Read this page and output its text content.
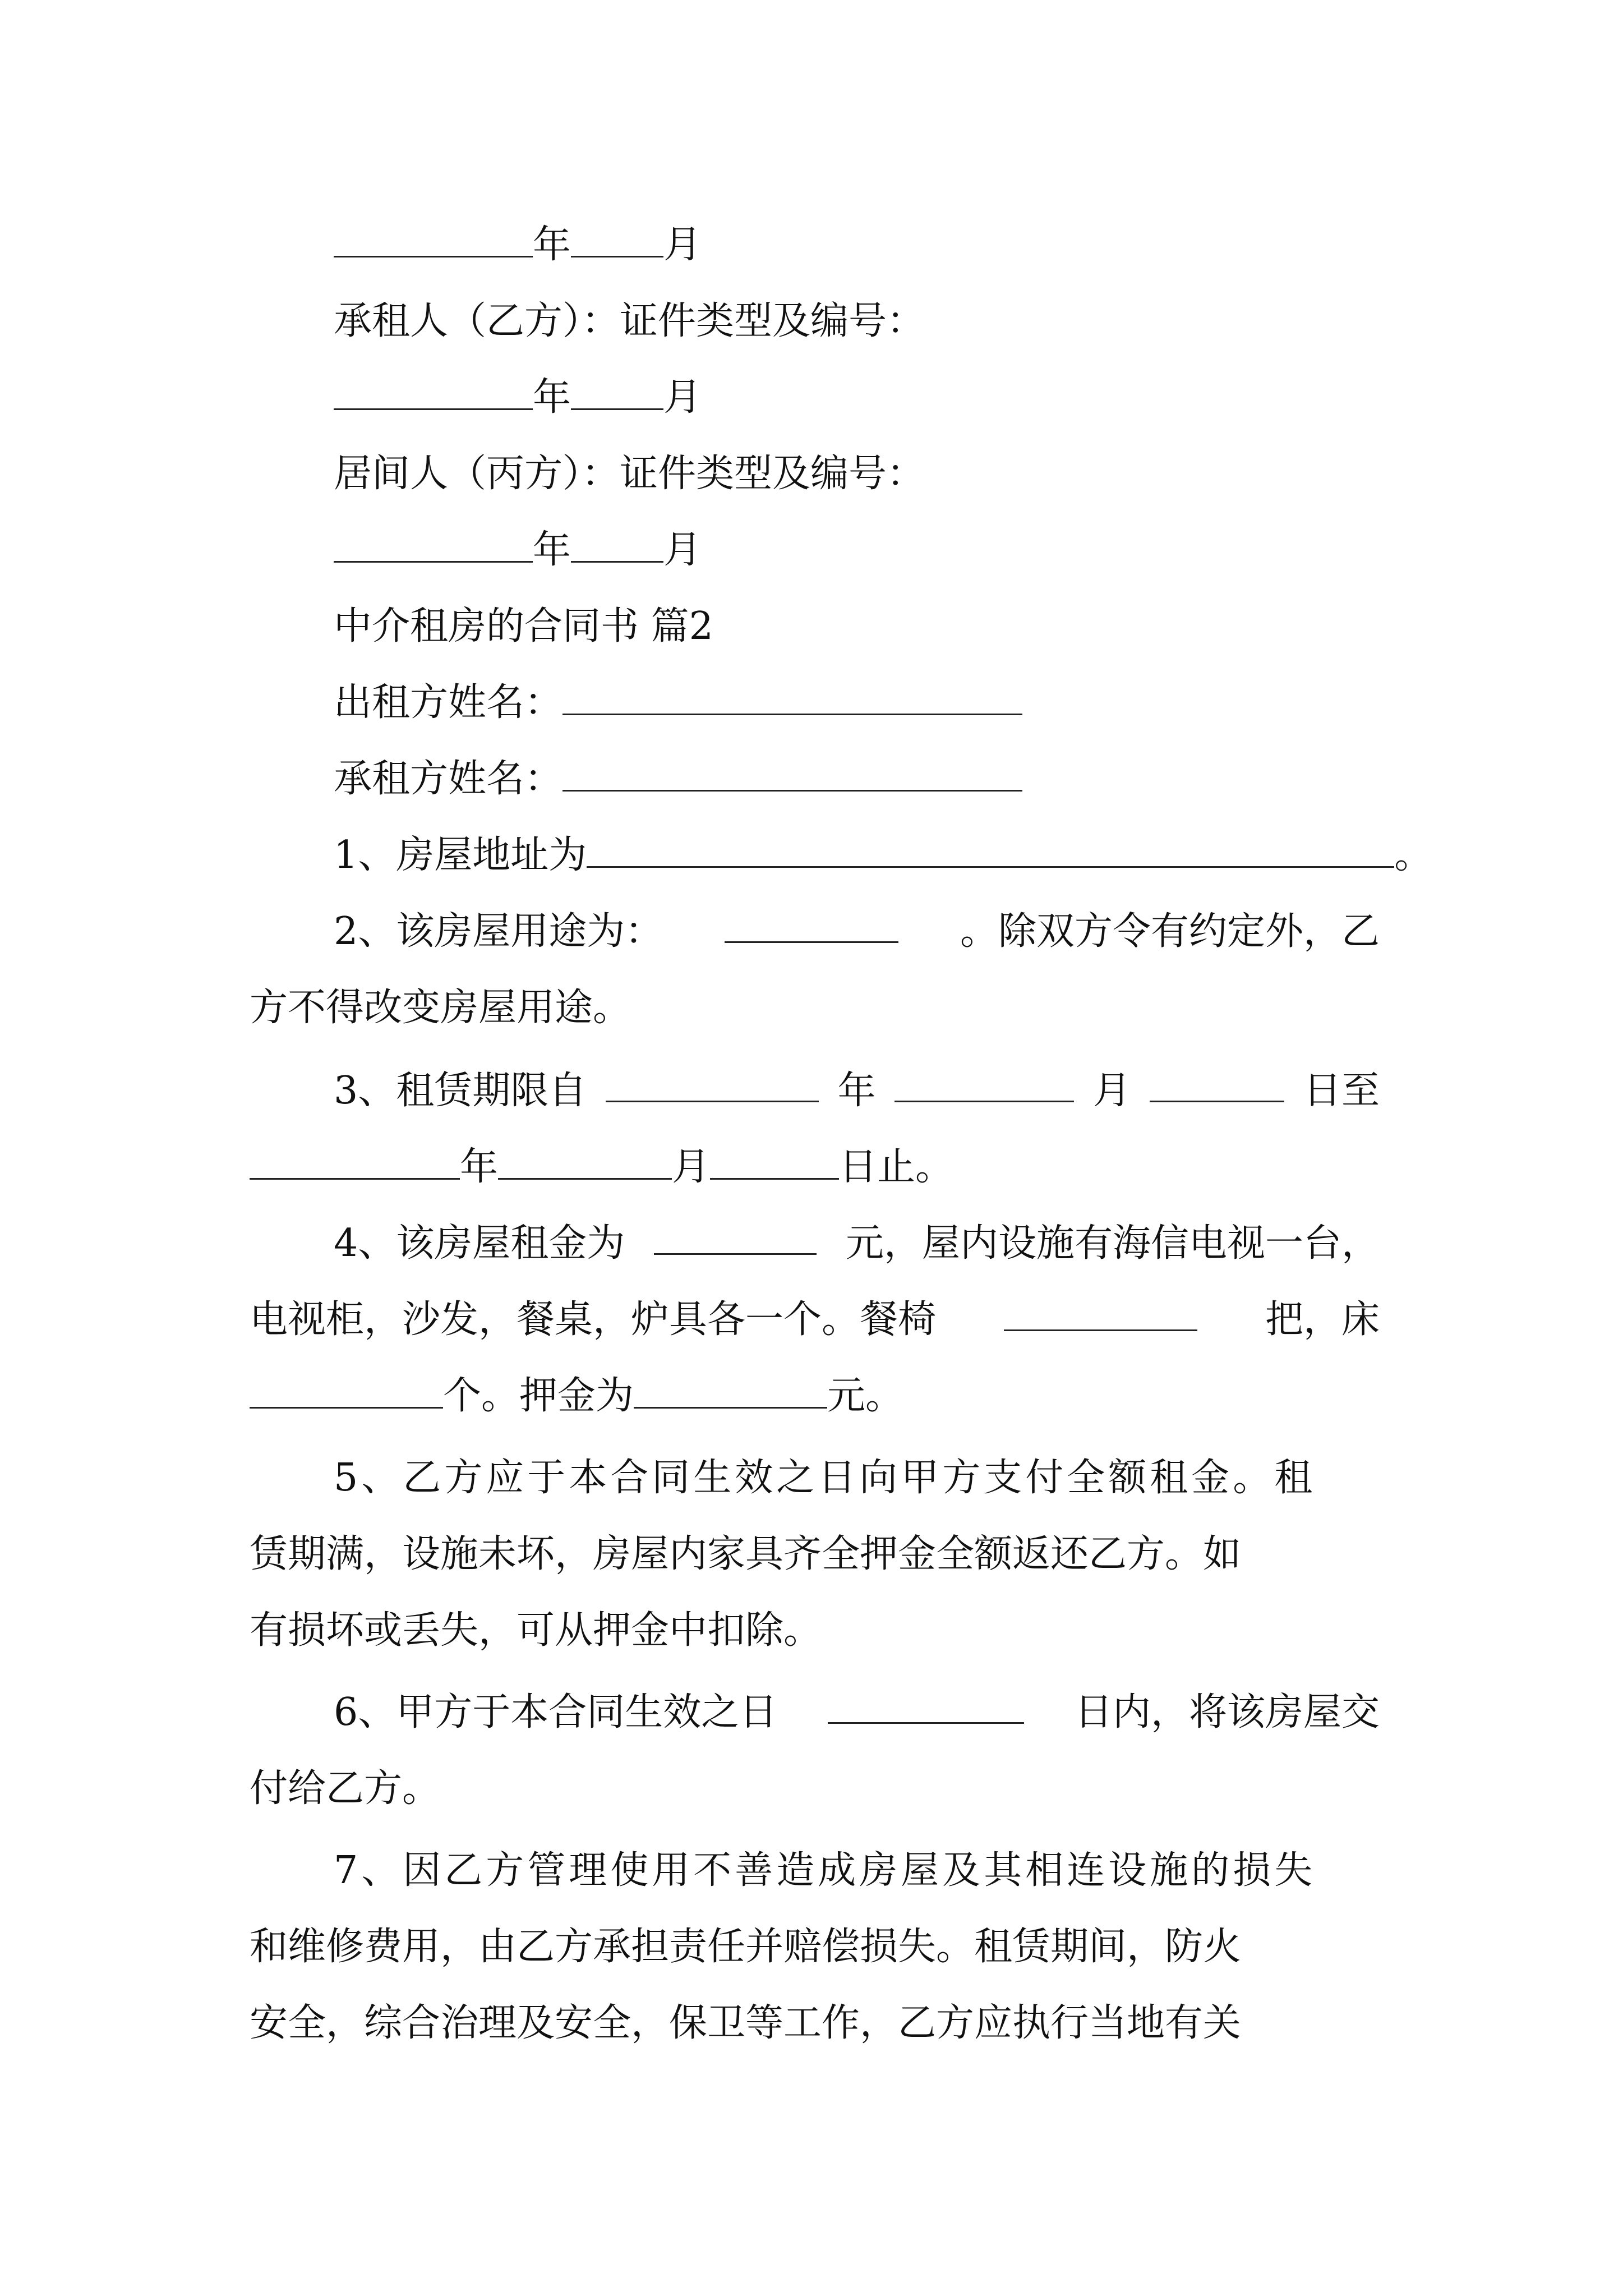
年 月
承租人（乙方）：证件类型及编号：
年 月
居间人（丙方）：证件类型及编号：
年 月
中介租房的合同书 篇2
出租方姓名：
承租方姓名：
1、房屋地址为	。
2、该房屋用途为：	。除双方令有约定外，乙
方不得改变房屋用途。
3、租赁期限自	年	月	日至
年	月	日止。
4、该房屋租金为	元，屋内设施有海信电视一台，
电视柜，沙发，餐桌，炉具各一个。餐椅	把，床
个。押金为	元。
5、乙方应于本合同生效之日向甲方支付全额租金。租
赁期满，设施未坏，房屋内家具齐全押金全额返还乙方。如
有损坏或丢失，可从押金中扣除。
6、甲方于本合同生效之日	日内，将该房屋交
付给乙方。
7、因乙方管理使用不善造成房屋及其相连设施的损失
和维修费用，由乙方承担责任并赔偿损失。租赁期间，防火
安全，综合治理及安全，保卫等工作，乙方应执行当地有关
